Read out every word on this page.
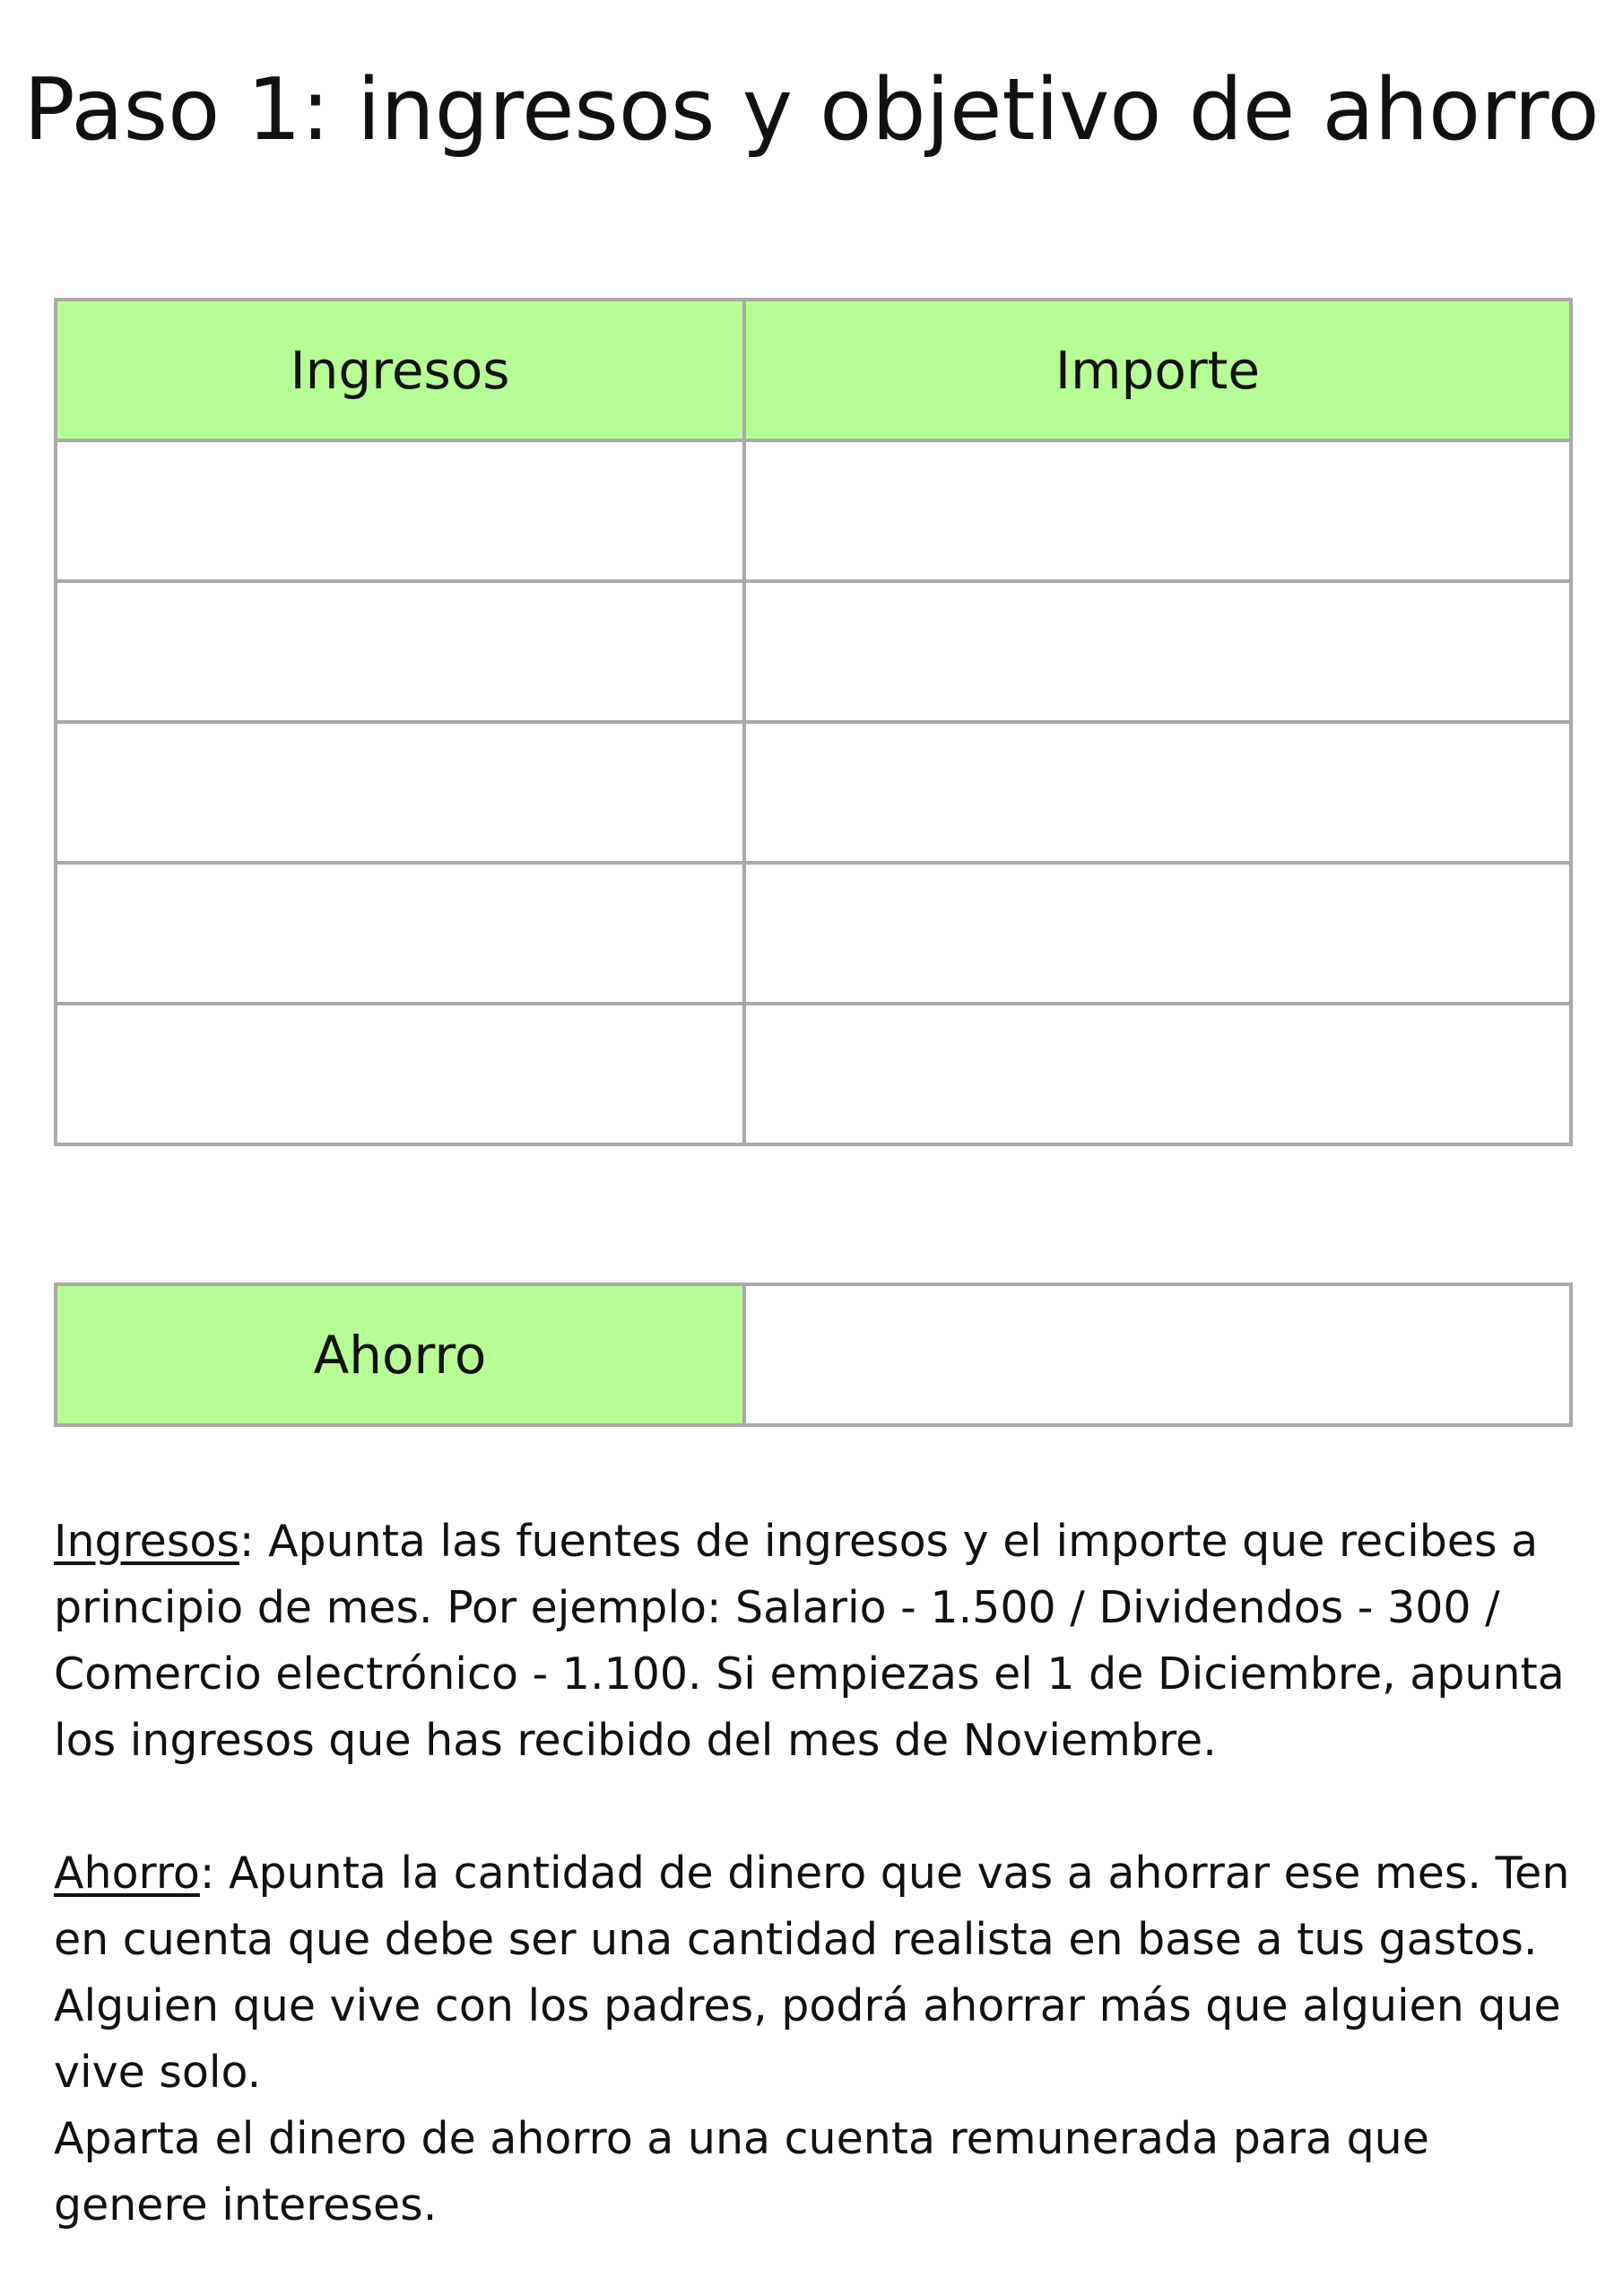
Paso 1: ingresos y objetivo de ahorro
Ingresos	Importe

Ahorro	

Ingresos: Apunta las fuentes de ingresos y el importe que recibes a principio de mes. Por ejemplo: Salario - 1.500 / Dividendos - 300 / Comercio electrónico - 1.100. Si empiezas el 1 de Diciembre, apunta los ingresos que has recibido del mes de Noviembre.

Ahorro: Apunta la cantidad de dinero que vas a ahorrar ese mes. Ten en cuenta que debe ser una cantidad realista en base a tus gastos. Alguien que vive con los padres, podrá ahorrar más que alguien que vive solo.

Aparta el dinero de ahorro a una cuenta remunerada para que genere intereses.
